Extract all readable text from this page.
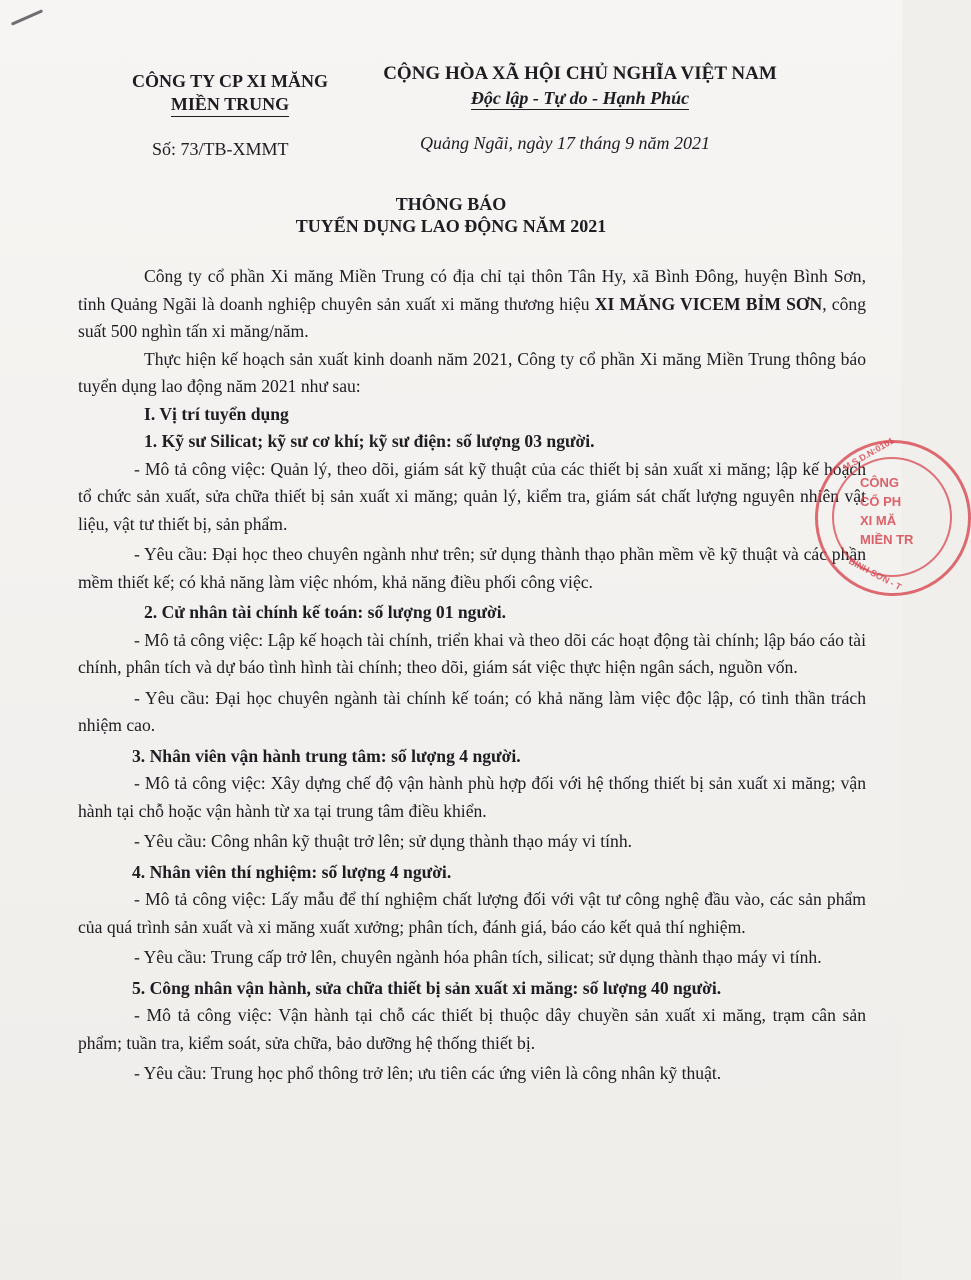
CÔNG TY CP XI MĂNG
MIỀN TRUNG
CỘNG HÒA XÃ HỘI CHỦ NGHĨA VIỆT NAM
Độc lập - Tự do - Hạnh Phúc
Số: 73/TB-XMMT	Quảng Ngãi, ngày 17 tháng 9 năm 2021
THÔNG BÁO
TUYỂN DỤNG LAO ĐỘNG NĂM 2021

Công ty cổ phần Xi măng Miền Trung có địa chỉ tại thôn Tân Hy, xã Bình Đông, huyện Bình Sơn, tỉnh Quảng Ngãi là doanh nghiệp chuyên sản xuất xi măng thương hiệu XI MĂNG VICEM BỈM SƠN, công suất 500 nghìn tấn xi măng/năm.

Thực hiện kế hoạch sản xuất kinh doanh năm 2021, Công ty cổ phần Xi măng Miền Trung thông báo tuyển dụng lao động năm 2021 như sau:

I. Vị trí tuyển dụng

1. Kỹ sư Silicat; kỹ sư cơ khí; kỹ sư điện: số lượng 03 người.

- Mô tả công việc: Quản lý, theo dõi, giám sát kỹ thuật của các thiết bị sản xuất xi măng; lập kế hoạch tổ chức sản xuất, sửa chữa thiết bị sản xuất xi măng; quản lý, kiểm tra, giám sát chất lượng nguyên nhiên vật liệu, vật tư thiết bị, sản phẩm.

- Yêu cầu: Đại học theo chuyên ngành như trên; sử dụng thành thạo phần mềm về kỹ thuật và các phần mềm thiết kế; có khả năng làm việc nhóm, khả năng điều phối công việc.

2. Cử nhân tài chính kế toán: số lượng 01 người.

- Mô tả công việc: Lập kế hoạch tài chính, triển khai và theo dõi các hoạt động tài chính; lập báo cáo tài chính, phân tích và dự báo tình hình tài chính; theo dõi, giám sát việc thực hiện ngân sách, nguồn vốn.

- Yêu cầu: Đại học chuyên ngành tài chính kế toán; có khả năng làm việc độc lập, có tinh thần trách nhiệm cao.

3. Nhân viên vận hành trung tâm: số lượng 4 người.

- Mô tả công việc: Xây dựng chế độ vận hành phù hợp đối với hệ thống thiết bị sản xuất xi măng; vận hành tại chỗ hoặc vận hành từ xa tại trung tâm điều khiển.

- Yêu cầu: Công nhân kỹ thuật trở lên; sử dụng thành thạo máy vi tính.

4. Nhân viên thí nghiệm: số lượng 4 người.

- Mô tả công việc: Lấy mẫu để thí nghiệm chất lượng đối với vật tư công nghệ đầu vào, các sản phẩm của quá trình sản xuất và xi măng xuất xưởng; phân tích, đánh giá, báo cáo kết quả thí nghiệm.

- Yêu cầu: Trung cấp trở lên, chuyên ngành hóa phân tích, silicat; sử dụng thành thạo máy vi tính.

5. Công nhân vận hành, sửa chữa thiết bị sản xuất xi măng: số lượng 40 người.

- Mô tả công việc: Vận hành tại chỗ các thiết bị thuộc dây chuyền sản xuất xi măng, trạm cân sản phẩm; tuần tra, kiểm soát, sửa chữa, bảo dưỡng hệ thống thiết bị.

- Yêu cầu: Trung học phổ thông trở lên; ưu tiên các ứng viên là công nhân kỹ thuật.

M.S.D.N:0101
CÔNG
CỔ PH
XI MĂ
MIỀN TR
BÌNH SƠN - T
